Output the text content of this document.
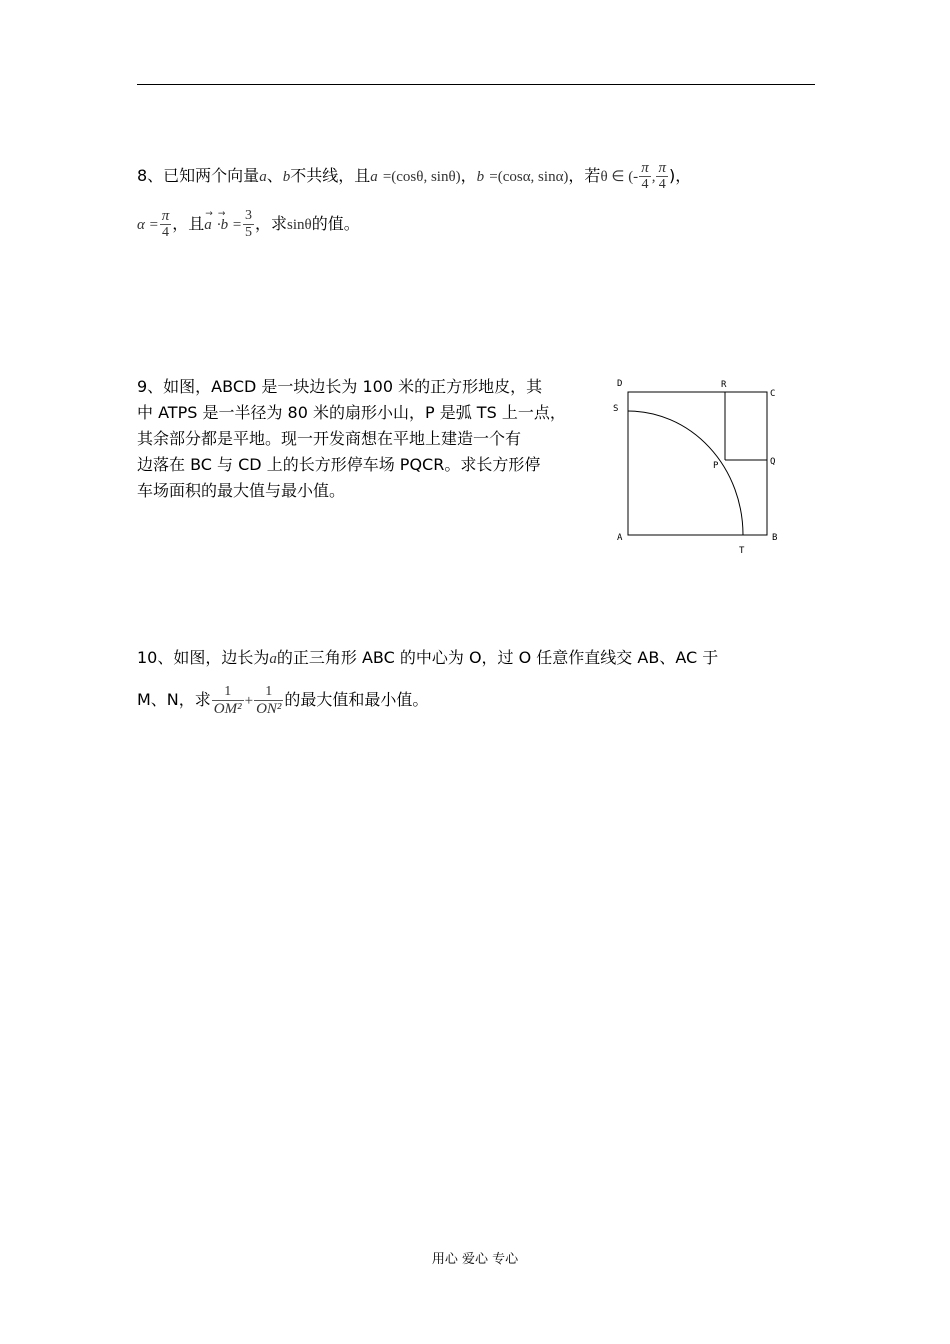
8、已知两个向量a、b不共线，且a =(cosθ, sinθ)，b =(cosα, sinα)，若θ ∈ (- $\frac{\pi}{4}$ , $\frac{\pi}{4}$ )，
$\alpha = \frac{\pi}{4}$ ，且→ $a \to \cdot b = \frac{3}{5}$ ，求sinθ的值。
9、如图，ABCD 是一块边长为 100 米的正方形地皮，其
中 ATPS 是一半径为 80 米的扇形小山，P 是弧 TS 上一点，
其余部分都是平地。现一开发商想在平地上建造一个有
边落在 BC 与 CD 上的长方形停车场 PQCR。求长方形停
车场面积的最大值与最小值。
D	R
C
S
P	Q
A
T
B
10、如图，边长为a的正三角形 ABC 的中心为 O，过 O 任意作直线交 AB、AC 于
M、N，求 $\frac{1}{\text{OM²}} + \frac{1}{\text{ON²}}$ 的最大值和最小值。
用心 爱心 专心
